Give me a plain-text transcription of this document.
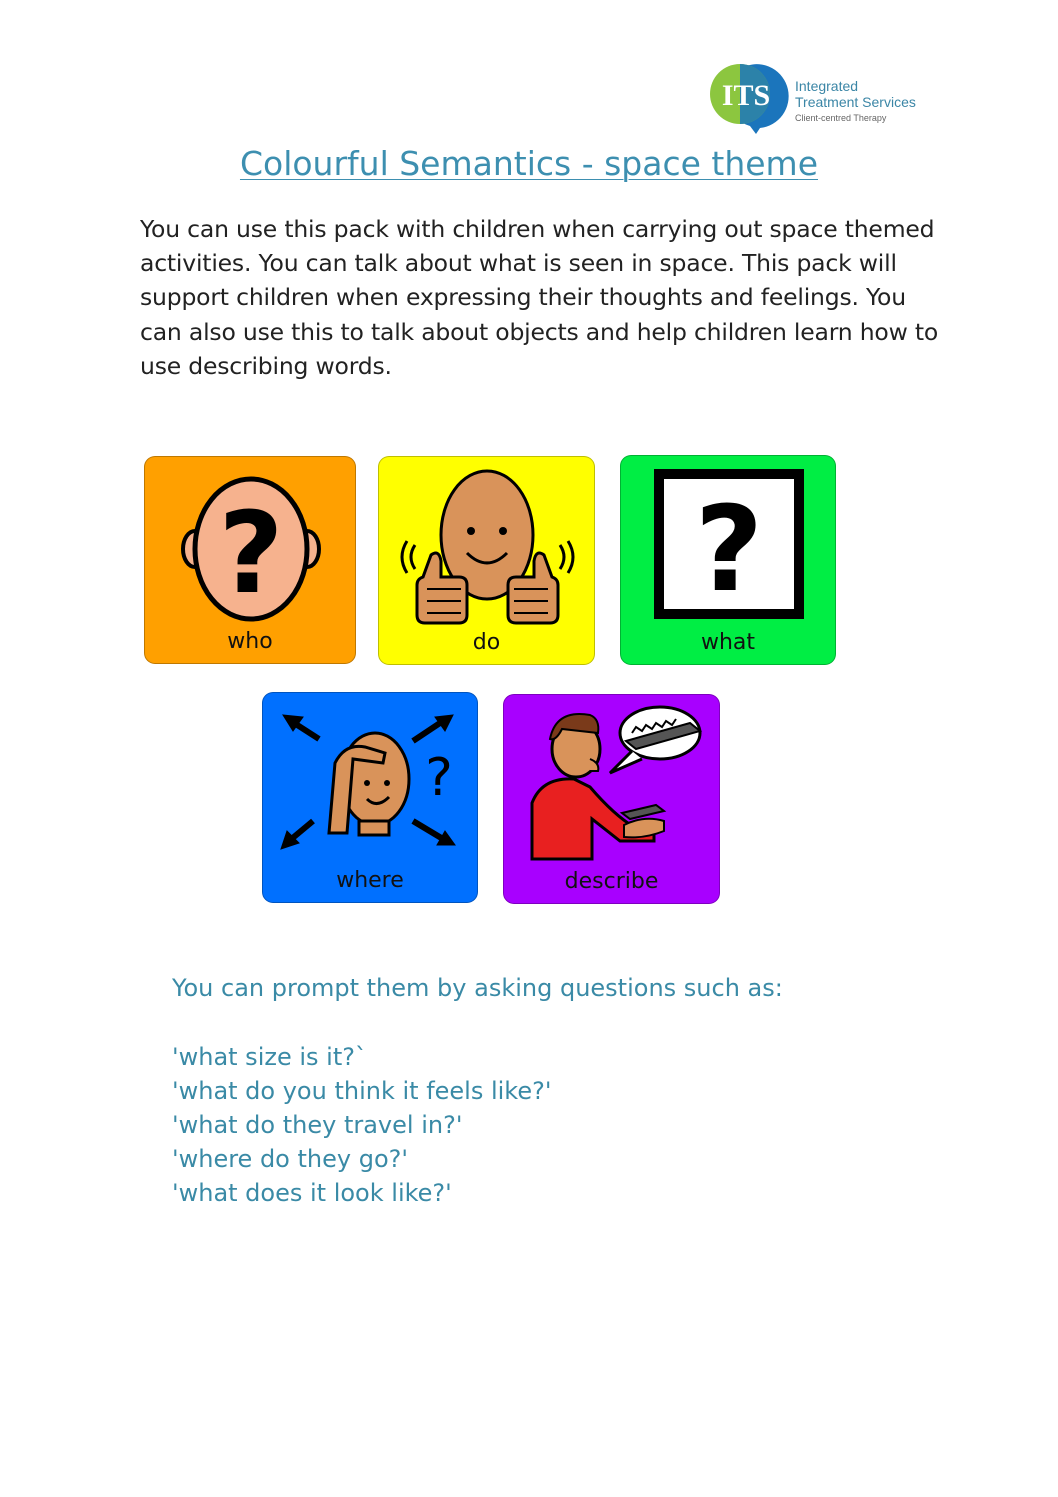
ITS Integrated
Treatment Services
Client-centred Therapy
Colourful Semantics - space theme

You can use this pack with children when carrying out space themed activities. You can talk about what is seen in space. This pack will support children when expressing their thoughts and feelings. You can also use this to talk about objects and help children learn how to use describing words.

?
who	do
?
what
?
where	describe

You can prompt them by asking questions such as:

'what size is it?`
'what do you think it feels like?'
'what do they travel in?'
'where do they go?'
'what does it look like?'
